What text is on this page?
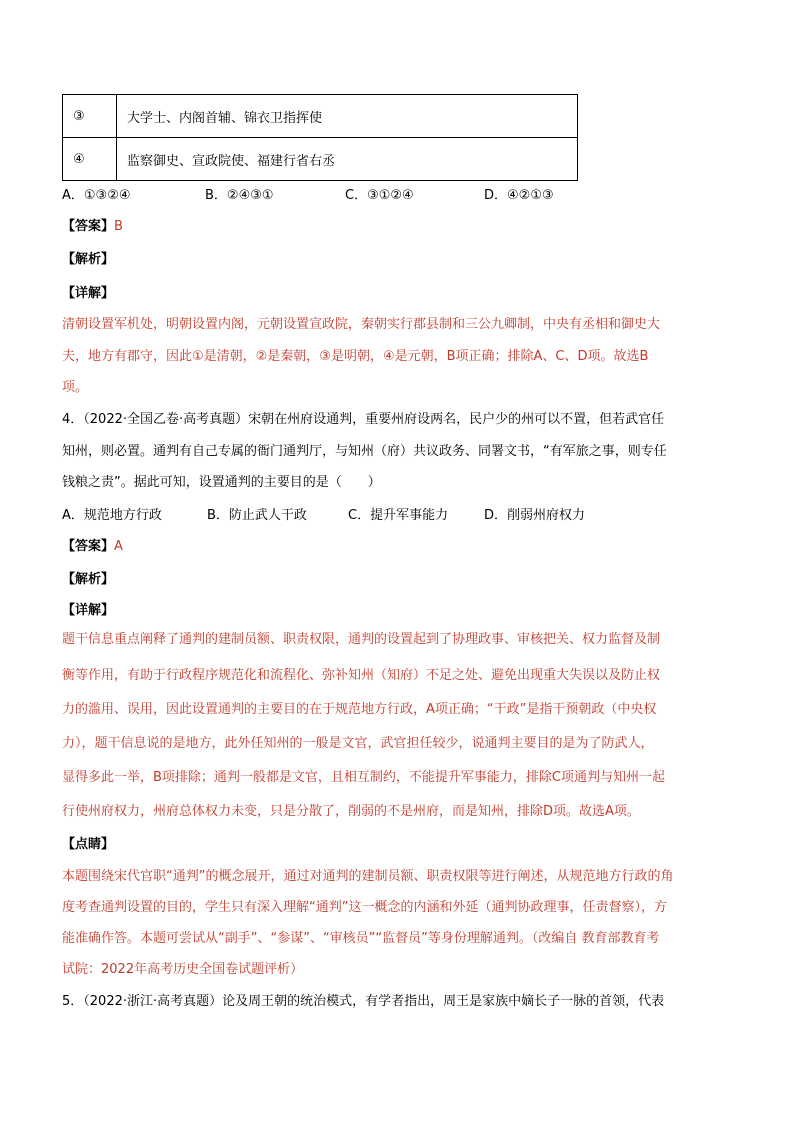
③	大学士、内阁首辅、锦衣卫指挥使
④	监察御史、宣政院使、福建行省右丞
A．①③②④	B．②④③①	C．③①②④	D．④②①③
【答案】B
【解析】
【详解】
清朝设置军机处，明朝设置内阁，元朝设置宣政院，秦朝实行郡县制和三公九卿制，中央有丞相和御史大
夫，地方有郡守，因此①是清朝，②是秦朝，③是明朝，④是元朝，B项正确；排除A、C、D项。故选B
项。
4．（2022·全国乙卷·高考真题）宋朝在州府设通判，重要州府设两名，民户少的州可以不置，但若武官任
知州，则必置。通判有自己专属的衙门通判厅，与知州（府）共议政务、同署文书，“有军旅之事，则专任
钱粮之责”。据此可知，设置通判的主要目的是（　　）
A．规范地方行政	B．防止武人干政	C．提升军事能力	D．削弱州府权力
【答案】A
【解析】
【详解】
题干信息重点阐释了通判的建制员额、职责权限，通判的设置起到了协理政事、审核把关、权力监督及制
衡等作用，有助于行政程序规范化和流程化、弥补知州（知府）不足之处、避免出现重大失误以及防止权
力的滥用、误用，因此设置通判的主要目的在于规范地方行政，A项正确；“干政”是指干预朝政（中央权
力），题干信息说的是地方，此外任知州的一般是文官，武官担任较少，说通判主要目的是为了防武人，
显得多此一举，B项排除；通判一般都是文官，且相互制约，不能提升军事能力，排除C项通判与知州一起
行使州府权力，州府总体权力未变，只是分散了，削弱的不是州府，而是知州，排除D项。故选A项。
【点睛】
本题围绕宋代官职“通判”的概念展开，通过对通判的建制员额、职责权限等进行阐述，从规范地方行政的角
度考查通判设置的目的，学生只有深入理解“通判”这一概念的内涵和外延（通判协政理事，任责督察），方
能准确作答。本题可尝试从“副手”、“参谋”、“审核员”“监督员”等身份理解通判。（改编自 教育部教育考
试院：2022年高考历史全国卷试题评析）
5．（2022·浙江·高考真题）论及周王朝的统治模式，有学者指出，周王是家族中嫡长子一脉的首领，代表
